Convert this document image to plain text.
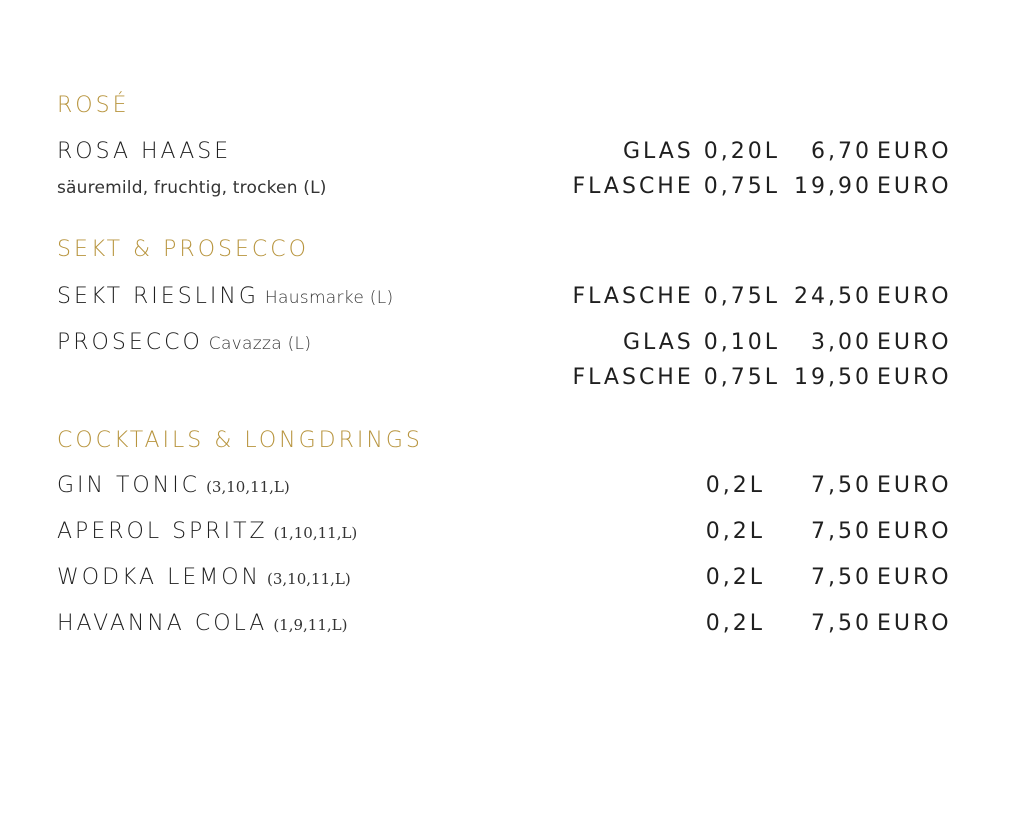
ROSÉ
ROSA HAASE
säuremild, fruchtig, trocken (L)
GLAS 0,20L 6,70 EURO
FLASCHE 0,75L 19,90 EURO
SEKT & PROSECCO
SEKT RIESLING Hausmarke (L)	FLASCHE 0,75L 24,50 EURO
PROSECCO Cavazza (L)	GLAS 0,10L 3,00 EURO
FLASCHE 0,75L 19,50 EURO
COCKTAILS & LONGDRINGS
GIN TONIC (3,10,11,L)	0,2L 7,50 EURO
APEROL SPRITZ (1,10,11,L)	0,2L 7,50 EURO
WODKA LEMON (3,10,11,L)	0,2L 7,50 EURO
HAVANNA COLA (1,9,11,L)	0,2L 7,50 EURO
